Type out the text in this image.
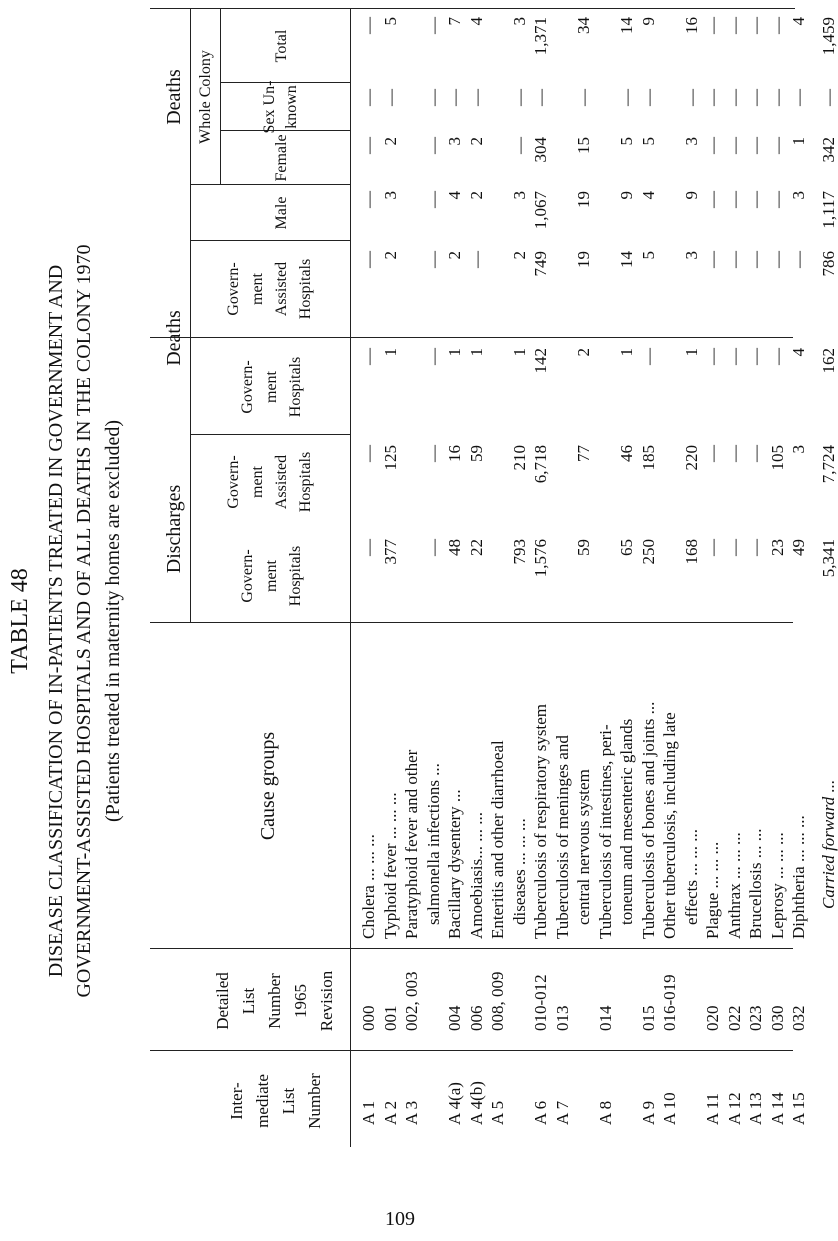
TABLE 48 DISEASE CLASSIFICATION OF IN-PATIENTS TREATED IN GOVERNMENT AND GOVERNMENT-ASSISTED HOSPITALS AND OF ALL DEATHS IN THE COLONY 1970 (Patients treated in maternity homes are excluded)
Inter- mediate List Number
Detailed List Number 1965 Revision
Cause groups
Discharges
Deaths
Deaths
Govern- ment Hospitals
Govern- ment Assisted Hospitals
Govern- ment Hospitals
Govern- ment Assisted Hospitals
Whole Colony
Male
Female
Sex Un- known
Total
A 1
000
Cholera ... ... ...
—
—
—
—
—
—
—
—
A 2
001
Typhoid fever ... ... ...
377
125
1
2
3
2
—
5
A 3
002, 003
Paratyphoid fever and other salmonella infections ...
—
—
—
—
—
—
—
—
A 4(a)
004
Bacillary dysentery ...
48
16
1
2
4
3
—
7
A 4(b)
006
Amoebiasis... ... ...
22
59
1
—
2
2
—
4
A 5
008, 009
Enteritis and other diarrhoeal diseases ... ... ...
793
210
1
2
3
—
—
3
A 6
010-012
Tuberculosis of respiratory system
1,576
6,718
142
749
1,067
304
—
1,371
A 7
013
Tuberculosis of meninges and central nervous system
59
77
2
19
19
15
—
34
A 8
014
Tuberculosis of intestines, peri- toneum and mesenteric glands
65
46
1
14
9
5
—
14
A 9
015
Tuberculosis of bones and joints ...
250
185
—
5
4
5
—
9
A 10
016-019
Other tuberculosis, including late effects ... ... ...
168
220
1
3
9
3
—
16
A 11
020
Plague ... ... ...
—
—
—
—
—
—
—
—
A 12
022
Anthrax ... ... ...
—
—
—
—
—
—
—
—
A 13
023
Brucellosis ... ...
—
—
—
—
—
—
—
—
A 14
030
Leprosy ... ... ...
23
105
—
—
—
—
—
—
A 15
032
Diphtheria ... ... ...
49
3
4
—
3
1
—
4
Carried forward ...
5,341
7,724
162
786
1,117
342
—
1,459
109
